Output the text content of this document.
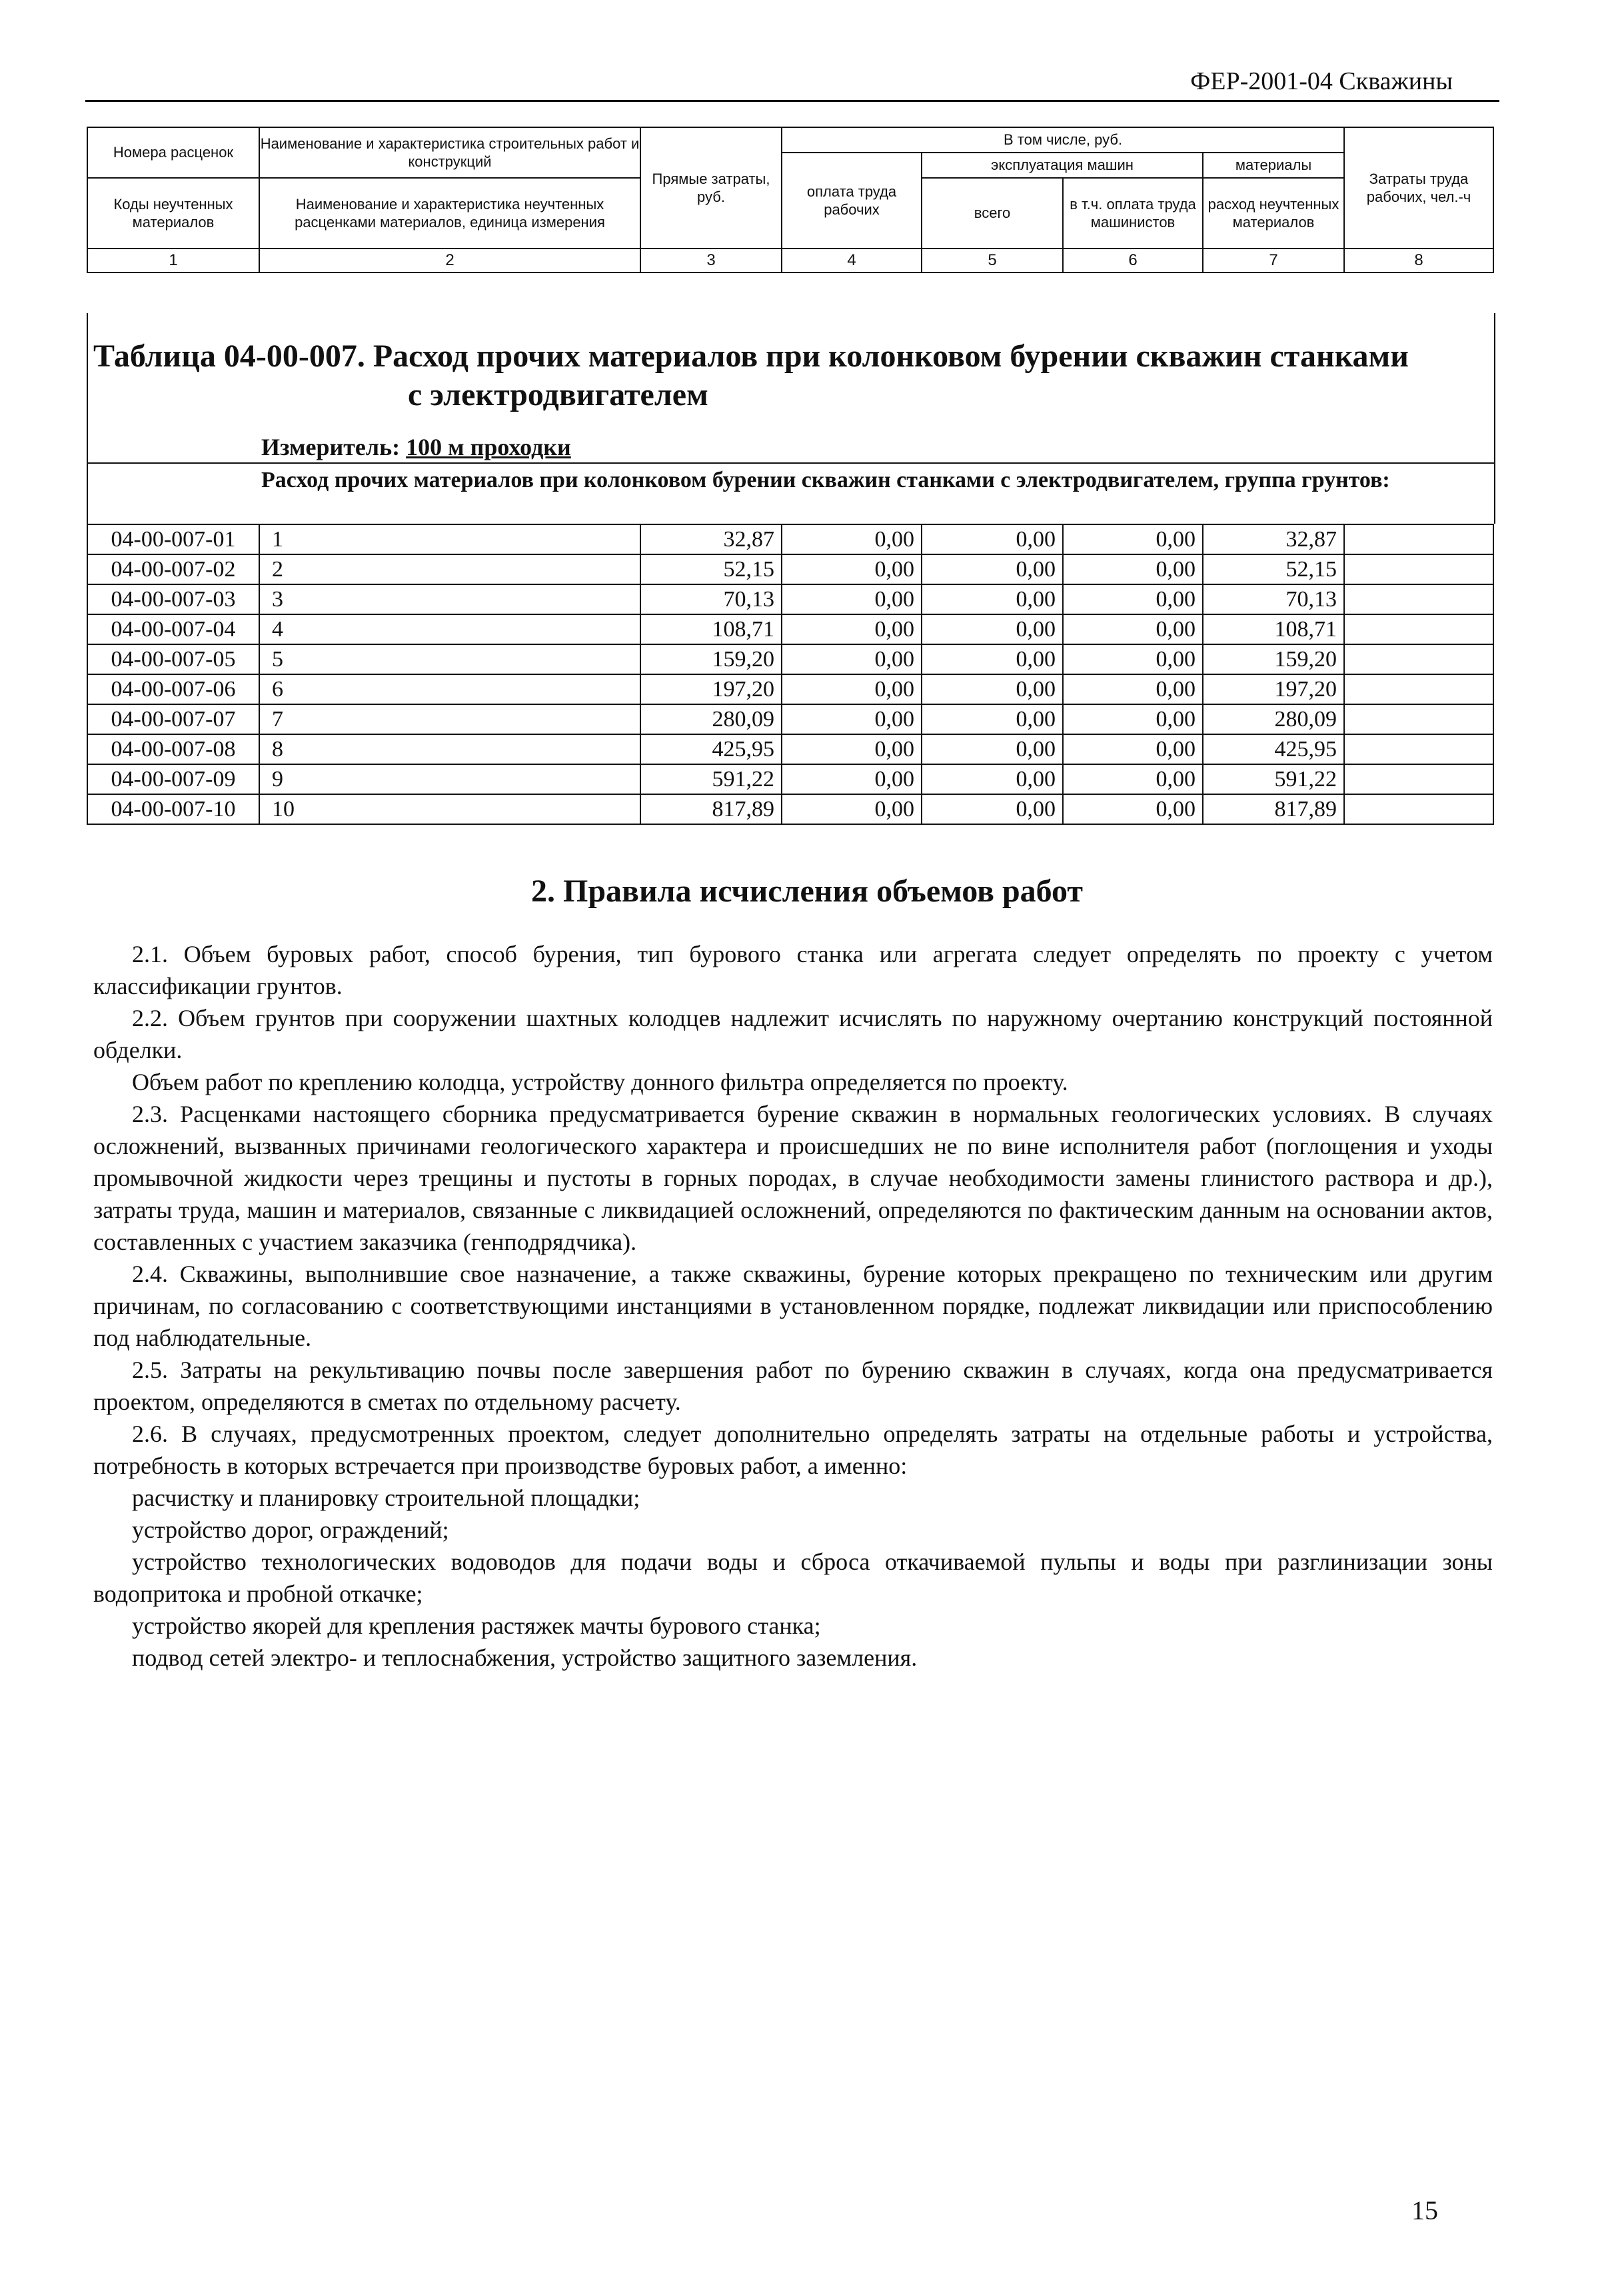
ФЕР-2001-04 Скважины
Номера расценок	Наименование и характеристика строительных работ и конструкций	Прямые затраты, руб.	В том числе, руб.				Затраты труда рабочих, чел.-ч
			оплата труда рабочих	эксплуатация машин		материалы	
Коды неучтенных материалов	Наименование и характеристика неучтенных расценками материалов, единица измерения			всего	в т.ч. оплата труда машинистов	расход неучтенных материалов	

1	2	3	4	5	6	7	8
Таблица 04-00-007. Расход прочих материалов при колонковом бурении скважин станками
с электродвигателем
Измеритель: 100 м проходки
Расход прочих материалов при колонковом бурении скважин станками с электродвигателем, группа грунтов:
04-00-007-01	1	32,87	0,00	0,00	0,00	32,87	
04-00-007-02	2	52,15	0,00	0,00	0,00	52,15	
04-00-007-03	3	70,13	0,00	0,00	0,00	70,13	
04-00-007-04	4	108,71	0,00	0,00	0,00	108,71	
04-00-007-05	5	159,20	0,00	0,00	0,00	159,20	
04-00-007-06	6	197,20	0,00	0,00	0,00	197,20	
04-00-007-07	7	280,09	0,00	0,00	0,00	280,09	
04-00-007-08	8	425,95	0,00	0,00	0,00	425,95	
04-00-007-09	9	591,22	0,00	0,00	0,00	591,22	
04-00-007-10	10	817,89	0,00	0,00	0,00	817,89	
2. Правила исчисления объемов работ

2.1. Объем буровых работ, способ бурения, тип бурового станка или агрегата следует определять по проекту с учетом классификации грунтов.

2.2. Объем грунтов при сооружении шахтных колодцев надлежит исчислять по наружному очертанию конструкций постоянной обделки.

Объем работ по креплению колодца, устройству донного фильтра определяется по проекту.

2.3. Расценками настоящего сборника предусматривается бурение скважин в нормальных геологических условиях. В случаях осложнений, вызванных причинами геологического характера и происшедших не по вине исполнителя работ (поглощения и уходы промывочной жидкости через трещины и пустоты в горных породах, в случае необходимости замены глинистого раствора и др.), затраты труда, машин и материалов, связанные с ликвидацией осложнений, определяются по фактическим данным на основании актов, составленных с участием заказчика (генподрядчика).

2.4. Скважины, выполнившие свое назначение, а также скважины, бурение которых прекращено по техническим или другим причинам, по согласованию с соответствующими инстанциями в установленном порядке, подлежат ликвидации или приспособлению под наблюдательные.

2.5. Затраты на рекультивацию почвы после завершения работ по бурению скважин в случаях, когда она предусматривается проектом, определяются в сметах по отдельному расчету.

2.6. В случаях, предусмотренных проектом, следует дополнительно определять затраты на отдельные работы и устройства, потребность в которых встречается при производстве буровых работ, а именно:

расчистку и планировку строительной площадки;

устройство дорог, ограждений;

устройство технологических водоводов для подачи воды и сброса откачиваемой пульпы и воды при разглинизации зоны водопритока и пробной откачке;

устройство якорей для крепления растяжек мачты бурового станка;

подвод сетей электро- и теплоснабжения, устройство защитного заземления.

15
